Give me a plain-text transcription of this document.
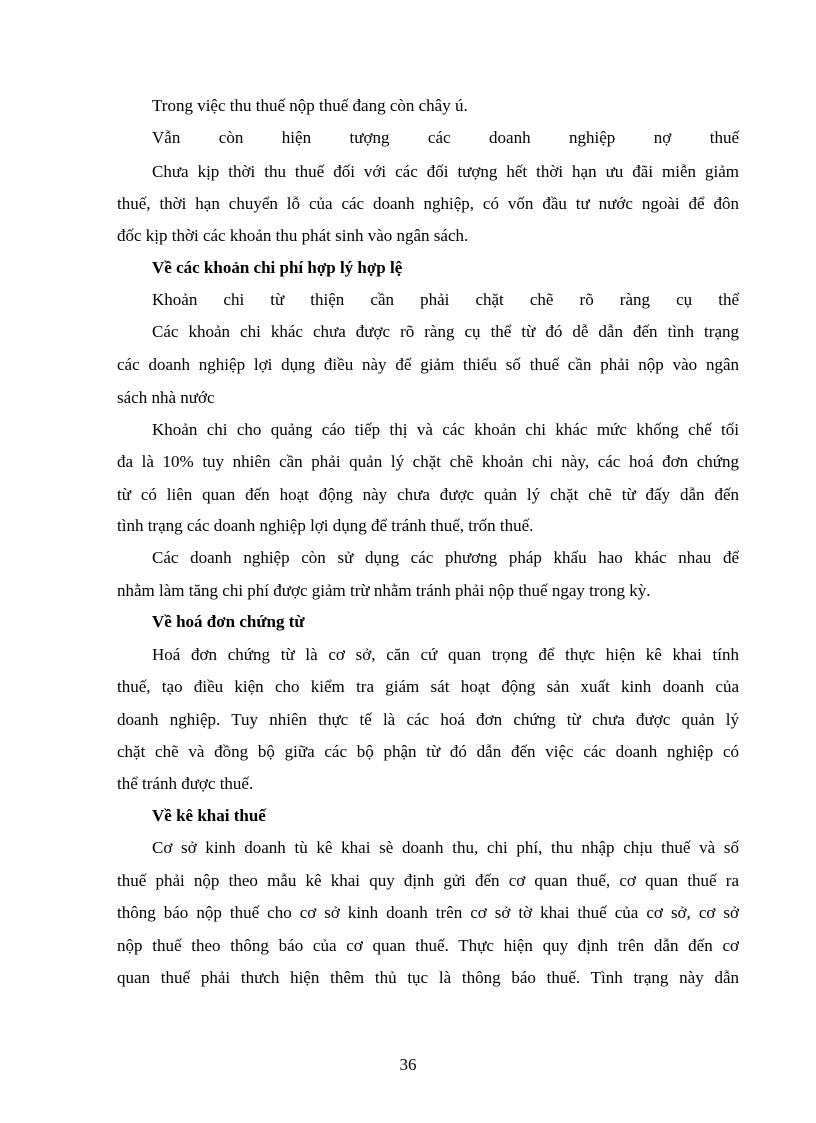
Trong việc thu thuế nộp thuế đang còn chây ú.
Vẫn còn hiện tượng các doanh nghiệp nợ thuế
Chưa kịp thời thu thuế đối với các đối tượng hết thời hạn ưu đãi miễn giảm
thuế, thời hạn chuyển lỗ của các doanh nghiệp, có vốn đầu tư nước ngoài để đôn
đốc kịp thời các khoản thu phát sinh vào ngân sách.
Về các khoản chi phí hợp lý hợp lệ
Khoản chi từ thiện cần phải chặt chẽ rõ ràng cụ thể
Các khoản chi khác chưa được rõ ràng cụ thể từ đó dễ dẫn đến tình trạng
các doanh nghiệp lợi dụng điều này để giảm thiểu số thuế cần phải nộp vào ngân
sách nhà nước
Khoản chi cho quảng cáo tiếp thị và các khoản chi khác mức khống chế tối
đa là 10% tuy nhiên cần phải quản lý chặt chẽ khoản chi này, các hoá đơn chứng
từ có liên quan đến hoạt động này chưa được quản lý chặt chẽ từ đấy dẫn đến
tình trạng các doanh nghiệp lợi dụng để tránh thuế, trốn thuế.
Các doanh nghiệp còn sử dụng các phương pháp khấu hao khác nhau để
nhằm làm tăng chi phí được giảm trừ nhằm tránh phải nộp thuế ngay trong kỳ.
Về hoá đơn chứng từ
Hoá đơn chứng từ là cơ sở, căn cứ quan trọng để thực hiện kê khai tính
thuế, tạo điều kiện cho kiểm tra giám sát hoạt động sản xuất kinh doanh của
doanh nghiệp. Tuy nhiên thực tế là các hoá đơn chứng từ chưa được quản lý
chặt chẽ và đồng bộ giữa các bộ phận từ đó dẫn đến việc các doanh nghiệp có
thể tránh được thuế.
Về kê khai thuế
Cơ sở kinh doanh tù kê khai sè doanh thu, chi phí, thu nhập chịu thuế và số
thuế phải nộp theo mẫu kê khai quy định gửi đến cơ quan thuế, cơ quan thuế ra
thông báo nộp thuế cho cơ sở kinh doanh trên cơ sở tờ khai thuế của cơ sở, cơ sở
nộp thuế theo thông báo của cơ quan thuế. Thực hiện quy định trên dẫn đến cơ
quan thuế phải thưch hiện thêm thủ tục là thông báo thuế. Tình trạng này dẫn
36
